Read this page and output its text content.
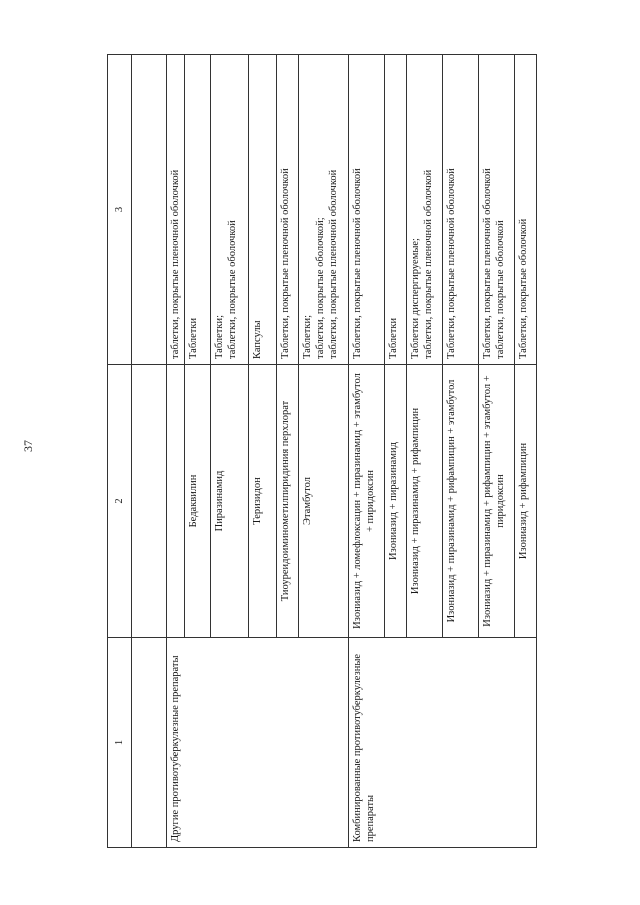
37
1	2	3

Другие противотуберкулезные препараты		таблетки, покрытые пленочной оболочкой

	Бедаквилин	Таблетки

	Пиразинамид	Таблетки; таблетки, покрытые оболочкой

	Теризидон	Капсулы

	Тиоуреидоиминометилпиридиния перхлорат	Таблетки, покрытые пленочной оболочкой

	Этамбутол	Таблетки; таблетки, покрытые оболочкой; таблетки, покрытые пленочной оболочкой

Комбинированные противотуберкулезные препараты	Изониазид + ломефлоксацин + пиразинамид + этамбутол + пиридоксин	Таблетки, покрытые пленочной оболочкой

	Изониазид + пиразинамид	Таблетки

	Изониазид + пиразинамид + рифампицин	Таблетки диспергируемые; таблетки, покрытые пленочной оболочкой

	Изониазид + пиразинамид + рифампицин + этамбутол	Таблетки, покрытые пленочной оболочкой

	Изониазид + пиразинамид + рифампицин + этамбутол + пиридоксин	Таблетки, покрытые пленочной оболочкой таблетки, покрытые оболочкой

	Изониазид + рифампицин	Таблетки, покрытые оболочкой
